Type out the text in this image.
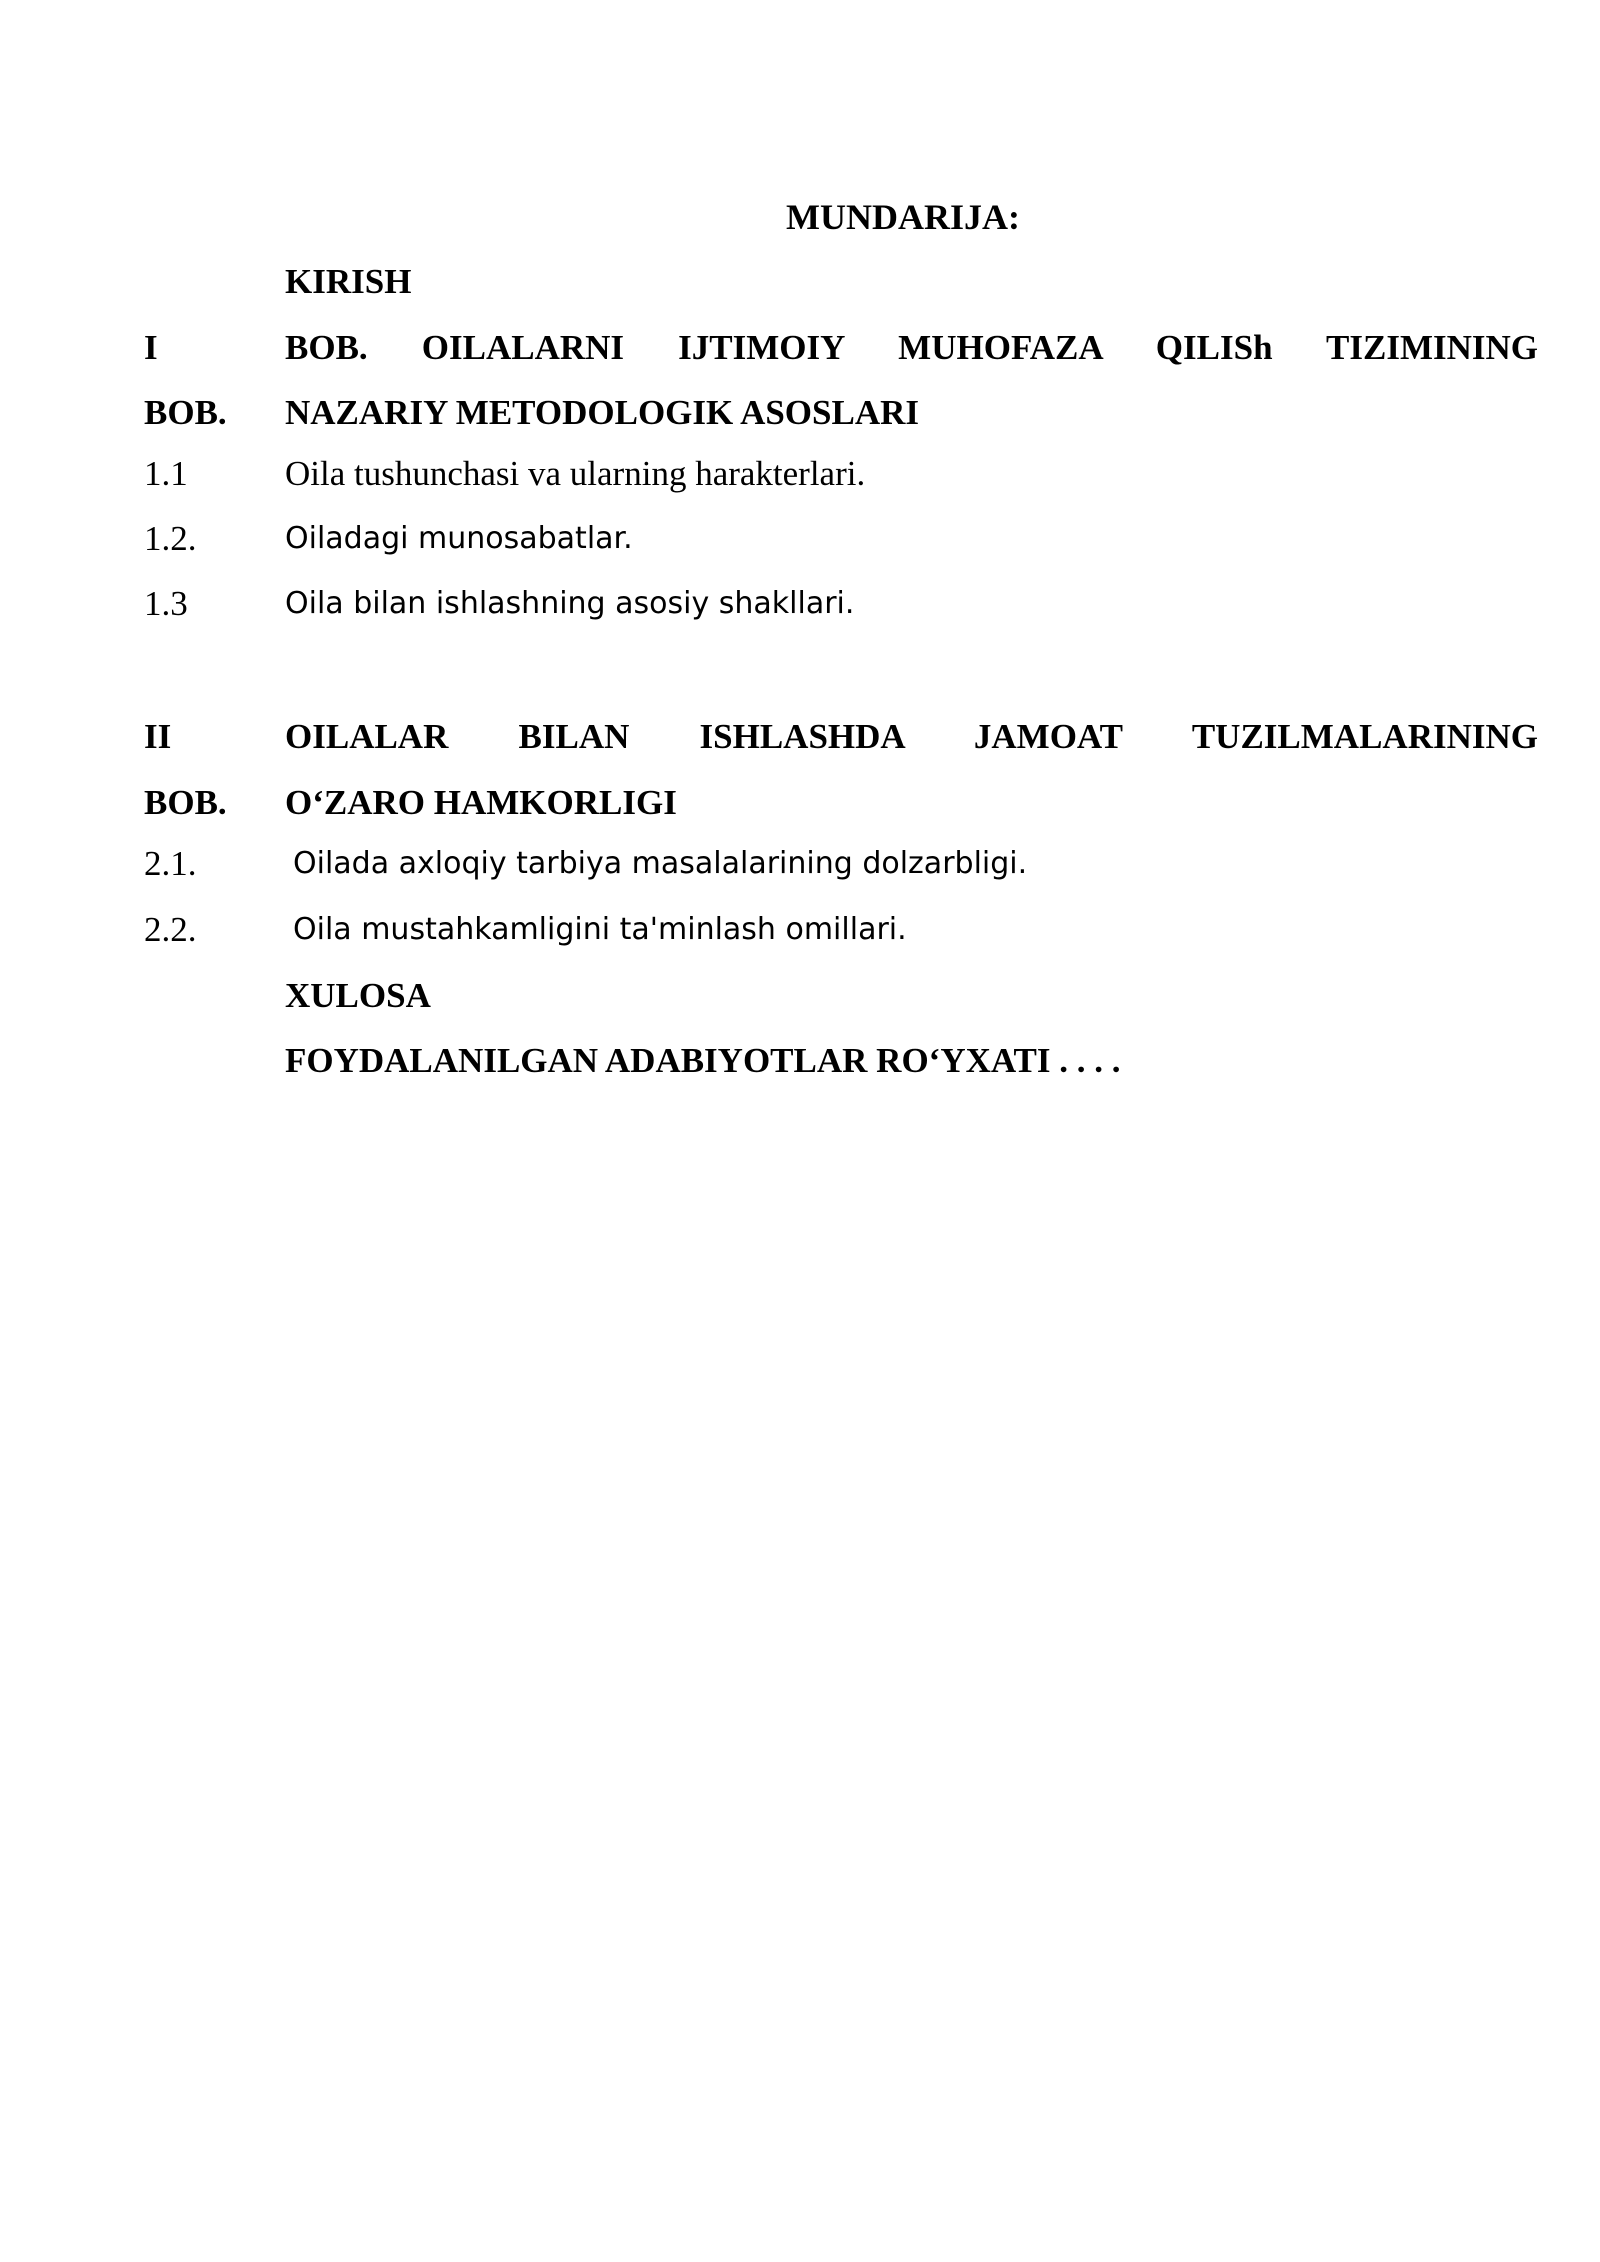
MUNDARIJA:
KIRISH
I	BOB. OILALARNI IJTIMOIY MUHOFAZA QILISh TIZIMINING
BOB. NAZARIY METODOLOGIK ASOSLARI
1.1	Oila tushunchasi va ularning harakterlari.
1.2.	Oiladagi munosabatlar.
1.3	Oila bilan ishlashning asosiy shakllari.
II	OILALAR BILAN ISHLASHDA JAMOAT TUZILMALARINING
BOB. O‘ZARO HAMKORLIGI
2.1.	Oilada axloqiy tarbiya masalalarining dolzarbligi.
2.2.	Oila mustahkamligini ta'minlash omillari.
XULOSA
FOYDALANILGAN ADABIYOTLAR RO‘YXATI . . . .
